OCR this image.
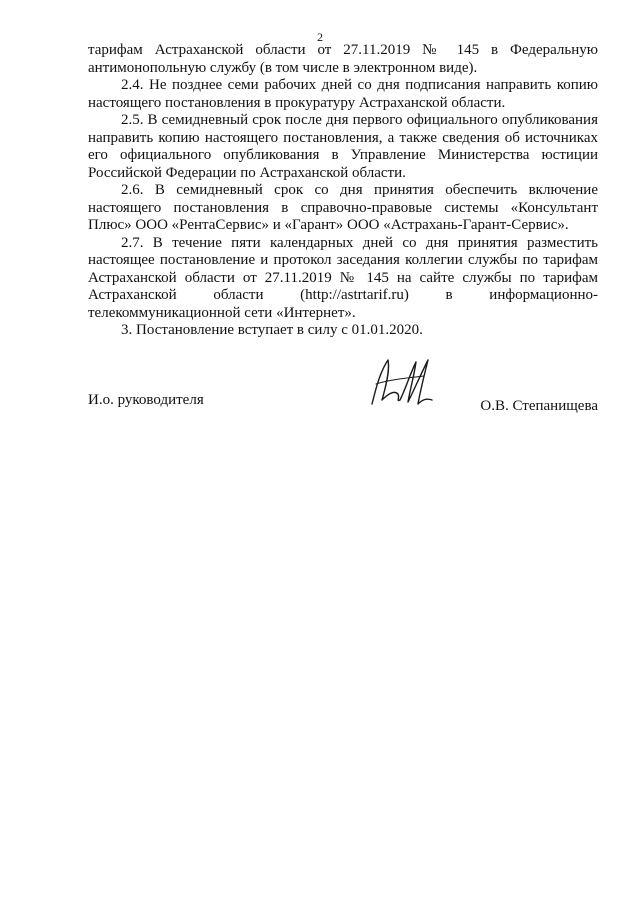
2

тарифам Астраханской области от 27.11.2019 № 145 в Федеральную антимонопольную службу (в том числе в электронном виде).

2.4. Не позднее семи рабочих дней со дня подписания направить копию настоящего постановления в прокуратуру Астраханской области.

2.5. В семидневный срок после дня первого официального опубликования направить копию настоящего постановления, а также сведения об источниках его официального опубликования в Управление Министерства юстиции Российской Федерации по Астраханской области.

2.6. В семидневный срок со дня принятия обеспечить включение настоящего постановления в справочно-правовые системы «Консультант Плюс» ООО «РентаСервис» и «Гарант» ООО «Астрахань-Гарант-Сервис».

2.7. В течение пяти календарных дней со дня принятия разместить настоящее постановление и протокол заседания коллегии службы по тарифам Астраханской области от 27.11.2019 № 145 на сайте службы по тарифам Астраханской области (http://astrtarif.ru) в информационно-телекоммуникационной сети «Интернет».

3. Постановление вступает в силу с 01.01.2020.

И.о. руководителя	О.В. Степанищева
